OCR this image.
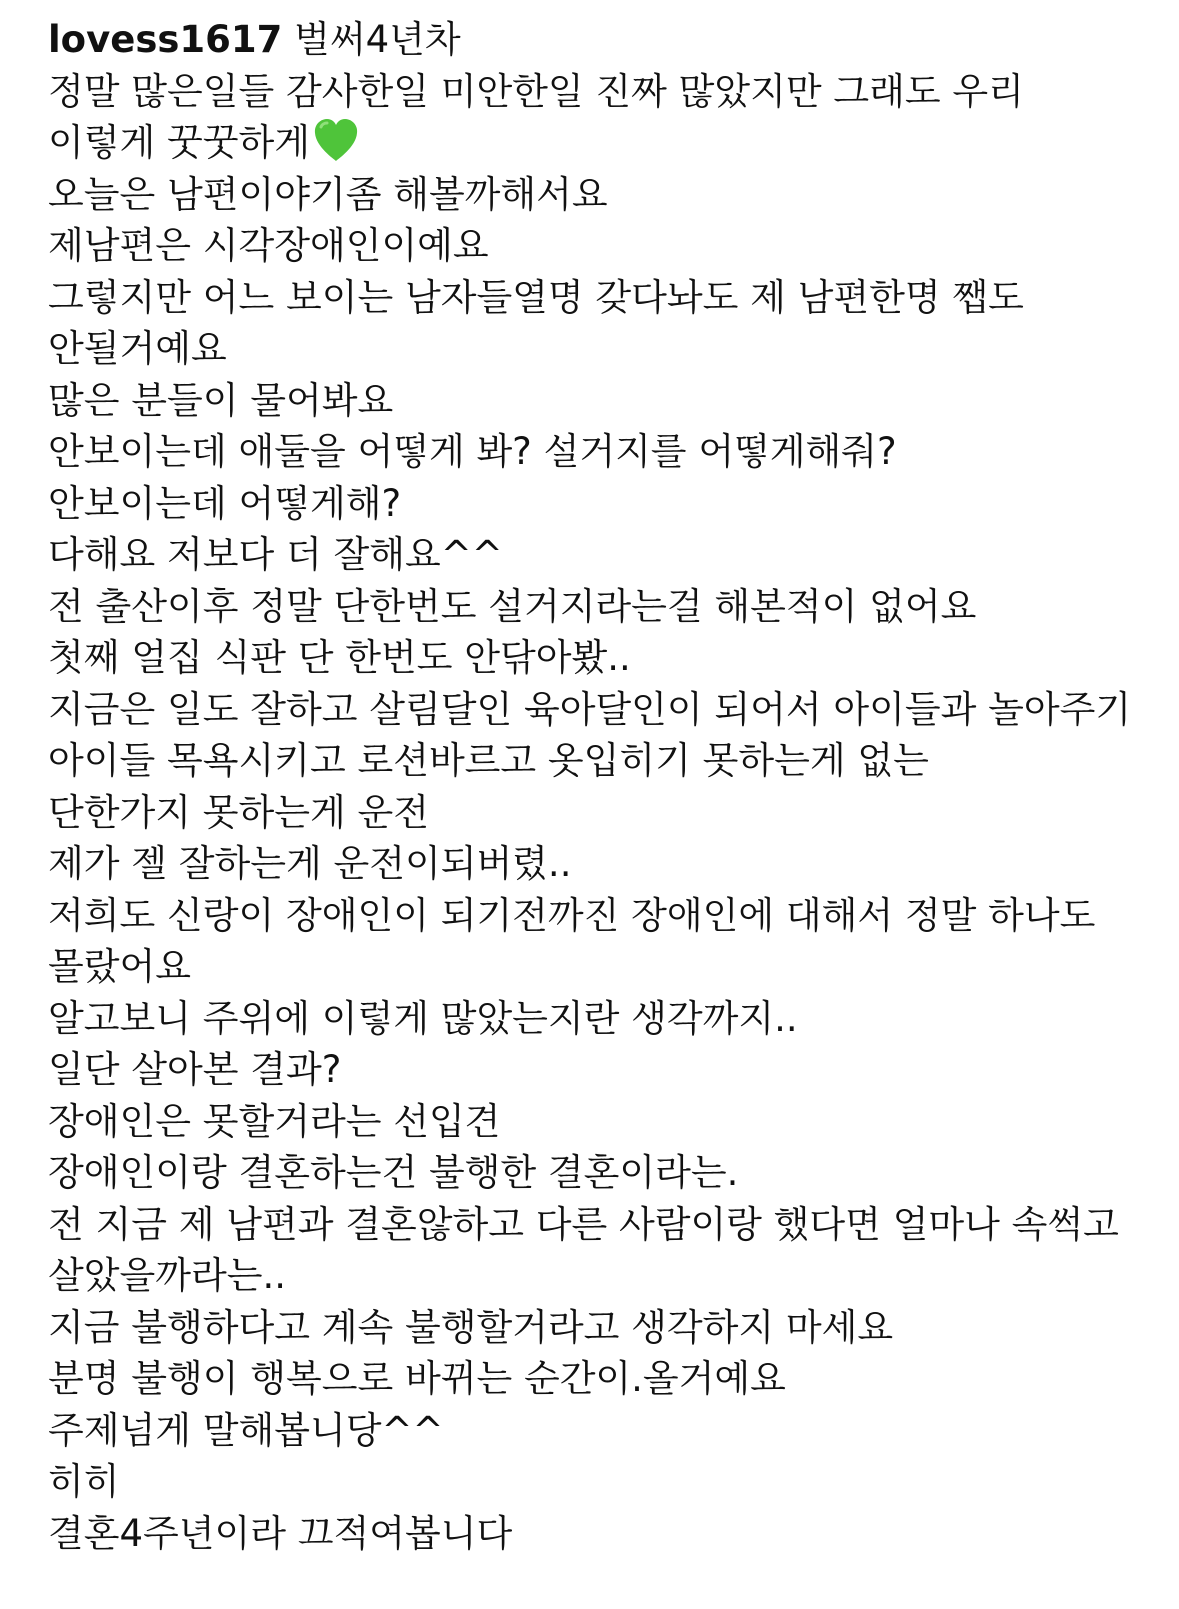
lovess1617 벌써4년차
정말 많은일들 감사한일 미안한일 진짜 많았지만 그래도 우리 이렇게 꿋꿋하게
오늘은 남편이야기좀 해볼까해서요
제남편은 시각장애인이예요
그렇지만 어느 보이는 남자들열명 갖다놔도 제 남편한명 쨉도 안될거예요
많은 분들이 물어봐요
안보이는데 애둘을 어떻게 봐? 설거지를 어떻게해줘?
안보이는데 어떻게해?
다해요 저보다 더 잘해요^^
전 출산이후 정말 단한번도 설거지라는걸 해본적이 없어요
첫째 얼집 식판 단 한번도 안닦아봤..
지금은 일도 잘하고 살림달인 육아달인이 되어서 아이들과 놀아주기 아이들 목욕시키고 로션바르고 옷입히기 못하는게 없는
단한가지 못하는게 운전
제가 젤 잘하는게 운전이되버렸..
저희도 신랑이 장애인이 되기전까진 장애인에 대해서 정말 하나도 몰랐어요
알고보니 주위에 이렇게 많았는지란 생각까지..
일단 살아본 결과?
장애인은 못할거라는 선입견
장애인이랑 결혼하는건 불행한 결혼이라는.
전 지금 제 남편과 결혼않하고 다른 사람이랑 했다면 얼마나 속썩고 살았을까라는..
지금 불행하다고 계속 불행할거라고 생각하지 마세요
분명 불행이 행복으로 바뀌는 순간이.올거예요
주제넘게 말해봅니당^^
히히
결혼4주년이라 끄적여봅니다
